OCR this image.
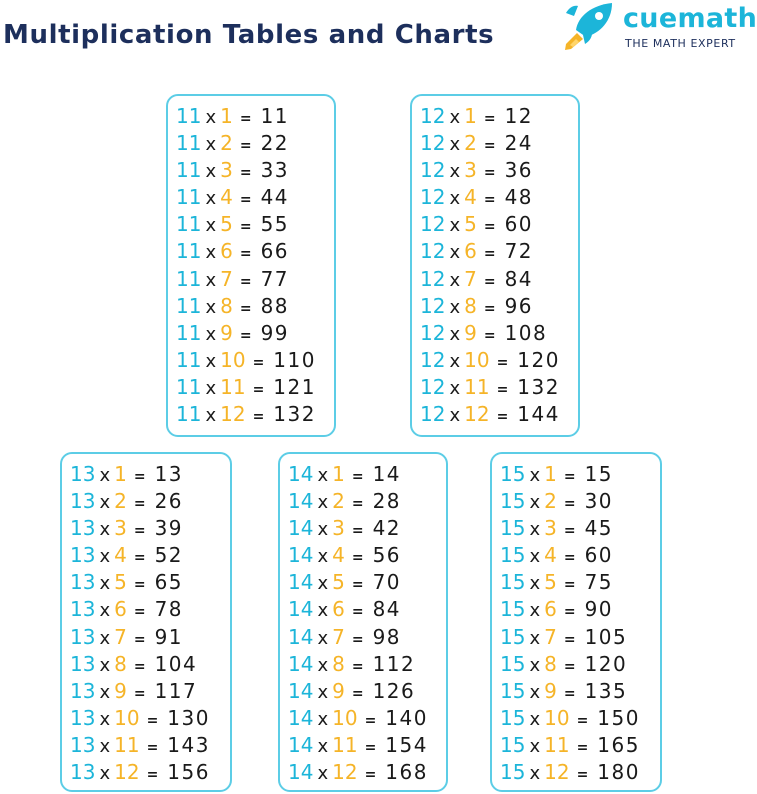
Multiplication Tables and Charts
cuemath
THE MATH EXPERT
11 x 1 = 11
11 x 2 = 22
11 x 3 = 33
11 x 4 = 44
11 x 5 = 55
11 x 6 = 66
11 x 7 = 77
11 x 8 = 88
11 x 9 = 99
11 x 10 = 110
11 x 11 = 121
11 x 12 = 132
12 x 1 = 12
12 x 2 = 24
12 x 3 = 36
12 x 4 = 48
12 x 5 = 60
12 x 6 = 72
12 x 7 = 84
12 x 8 = 96
12 x 9 = 108
12 x 10 = 120
12 x 11 = 132
12 x 12 = 144
13 x 1 = 13
13 x 2 = 26
13 x 3 = 39
13 x 4 = 52
13 x 5 = 65
13 x 6 = 78
13 x 7 = 91
13 x 8 = 104
13 x 9 = 117
13 x 10 = 130
13 x 11 = 143
13 x 12 = 156
14 x 1 = 14
14 x 2 = 28
14 x 3 = 42
14 x 4 = 56
14 x 5 = 70
14 x 6 = 84
14 x 7 = 98
14 x 8 = 112
14 x 9 = 126
14 x 10 = 140
14 x 11 = 154
14 x 12 = 168
15 x 1 = 15
15 x 2 = 30
15 x 3 = 45
15 x 4 = 60
15 x 5 = 75
15 x 6 = 90
15 x 7 = 105
15 x 8 = 120
15 x 9 = 135
15 x 10 = 150
15 x 11 = 165
15 x 12 = 180
